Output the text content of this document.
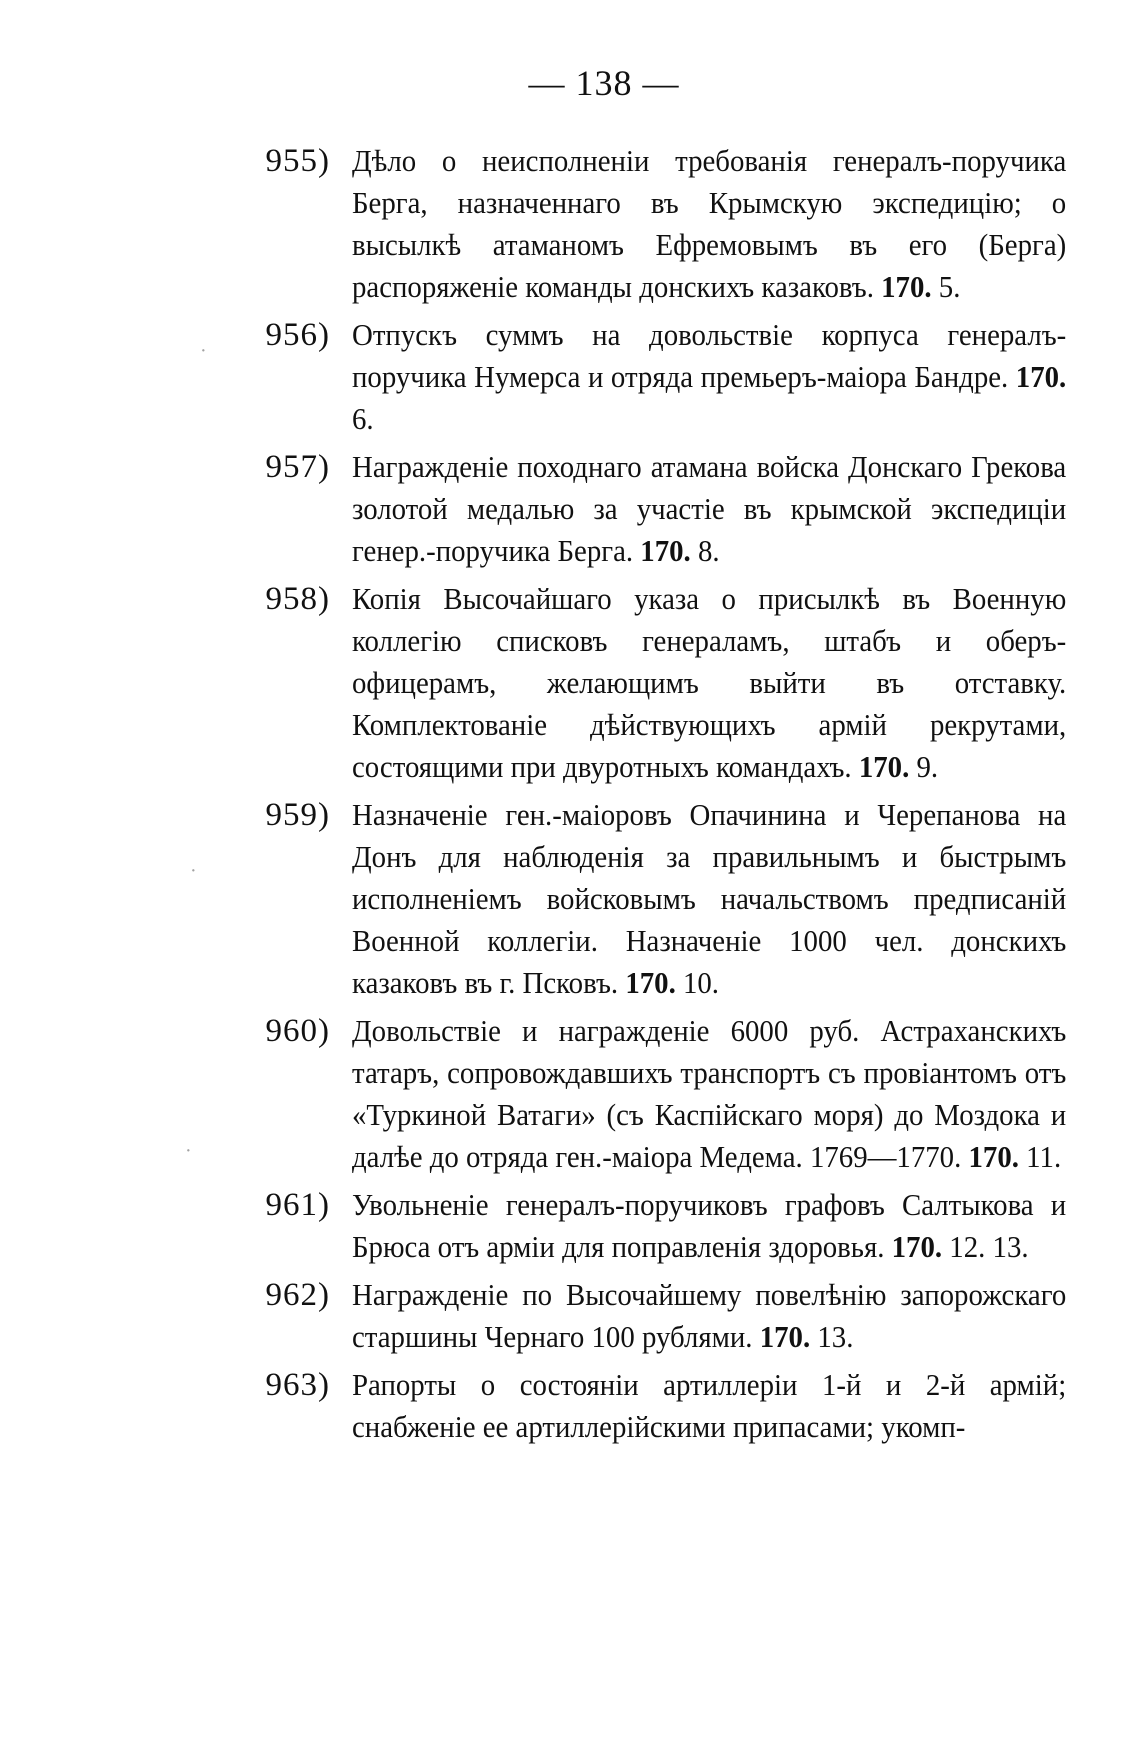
— 138 —
·
·
·
955) Дѣло о неисполненіи требованія генералъ-поручика Берга, назначеннаго въ Крымскую экспедицію; о высылкѣ атаманомъ Ефремовымъ въ его (Берга) распоряженіе команды донскихъ казаковъ. 170. 5.
956) Отпускъ суммъ на довольствіе корпуса генералъ-поручика Нумерса и отряда премьеръ-маіора Бандре. 170. 6.
957) Награжденіе походнаго атамана войска Донскаго Грекова золотой медалью за участіе въ крымской экспедиціи генер.-поручика Берга. 170. 8.
958) Копія Высочайшаго указа о присылкѣ въ Военную коллегію списковъ генераламъ, штабъ и оберъ-офицерамъ, желающимъ выйти въ отставку. Комплектованіе дѣйствующихъ армій рекрутами, состоящими при двуротныхъ командахъ. 170. 9.
959) Назначеніе ген.-маіоровъ Опачинина и Черепанова на Донъ для наблюденія за правильнымъ и быстрымъ исполненіемъ войсковымъ начальствомъ предписаній Военной коллегіи. Назначеніе 1000 чел. донскихъ казаковъ въ г. Псковъ. 170. 10.
960) Довольствіе и награжденіе 6000 руб. Астраханскихъ татаръ, сопровождавшихъ транспортъ съ провіантомъ отъ «Туркиной Ватаги» (съ Каспійскаго моря) до Моздока и далѣе до отряда ген.-маіора Медема. 1769—1770. 170. 11.
961) Увольненіе генералъ-поручиковъ графовъ Салтыкова и Брюса отъ арміи для поправленія здоровья. 170. 12. 13.
962) Награжденіе по Высочайшему повелѣнію запорожскаго старшины Чернаго 100 рублями. 170. 13.
963) Рапорты о состояніи артиллеріи 1-й и 2-й армій; снабженіе ее артиллерійскими припасами; укомп-
